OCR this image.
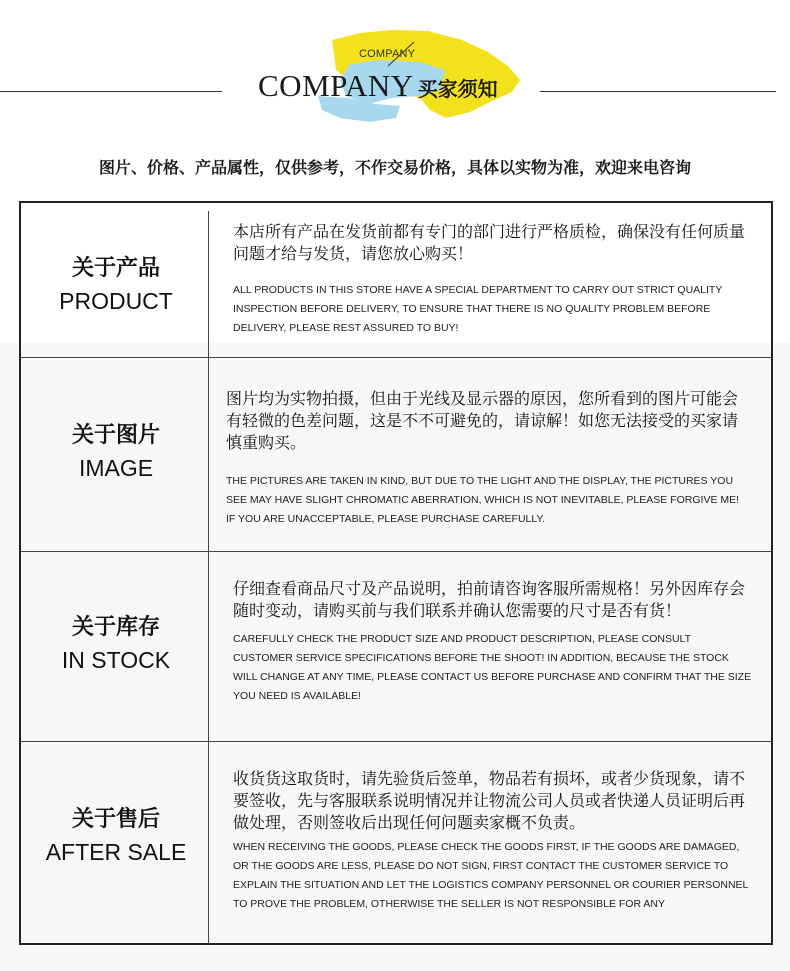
COMPANY
COMPANY 买家须知
图片、价格、产品属性，仅供参考，不作交易价格，具体以实物为准，欢迎来电咨询
关于产品
PRODUCT

本店所有产品在发货前都有专门的部门进行严格质检，确保没有任何质量问题才给与发货，请您放心购买！

ALL PRODUCTS IN THIS STORE HAVE A SPECIAL DEPARTMENT TO CARRY OUT STRICT QUALITY INSPECTION BEFORE DELIVERY, TO ENSURE THAT THERE IS NO QUALITY PROBLEM BEFORE DELIVERY, PLEASE REST ASSURED TO BUY!

关于图片
IMAGE

图片均为实物拍摄，但由于光线及显示器的原因，您所看到的图片可能会有轻微的色差问题，这是不不可避免的，请谅解！如您无法接受的买家请慎重购买。

THE PICTURES ARE TAKEN IN KIND, BUT DUE TO THE LIGHT AND THE DISPLAY, THE PICTURES YOU SEE MAY HAVE SLIGHT CHROMATIC ABERRATION, WHICH IS NOT INEVITABLE, PLEASE FORGIVE ME! IF YOU ARE UNACCEPTABLE, PLEASE PURCHASE CAREFULLY.

关于库存
IN STOCK

仔细查看商品尺寸及产品说明，拍前请咨询客服所需规格！另外因库存会随时变动，请购买前与我们联系并确认您需要的尺寸是否有货！

CAREFULLY CHECK THE PRODUCT SIZE AND PRODUCT DESCRIPTION, PLEASE CONSULT CUSTOMER SERVICE SPECIFICATIONS BEFORE THE SHOOT! IN ADDITION, BECAUSE THE STOCK WILL CHANGE AT ANY TIME, PLEASE CONTACT US BEFORE PURCHASE AND CONFIRM THAT THE SIZE YOU NEED IS AVAILABLE!

关于售后
AFTER SALE

收货货这取货时，请先验货后签单，物品若有损坏，或者少货现象，请不要签收，先与客服联系说明情况并让物流公司人员或者快递人员证明后再做处理，否则签收后出现任何问题卖家概不负责。

WHEN RECEIVING THE GOODS, PLEASE CHECK THE GOODS FIRST, IF THE GOODS ARE DAMAGED, OR THE GOODS ARE LESS, PLEASE DO NOT SIGN, FIRST CONTACT THE CUSTOMER SERVICE TO EXPLAIN THE SITUATION AND LET THE LOGISTICS COMPANY PERSONNEL OR COURIER PERSONNEL TO PROVE THE PROBLEM, OTHERWISE THE SELLER IS NOT RESPONSIBLE FOR ANY
